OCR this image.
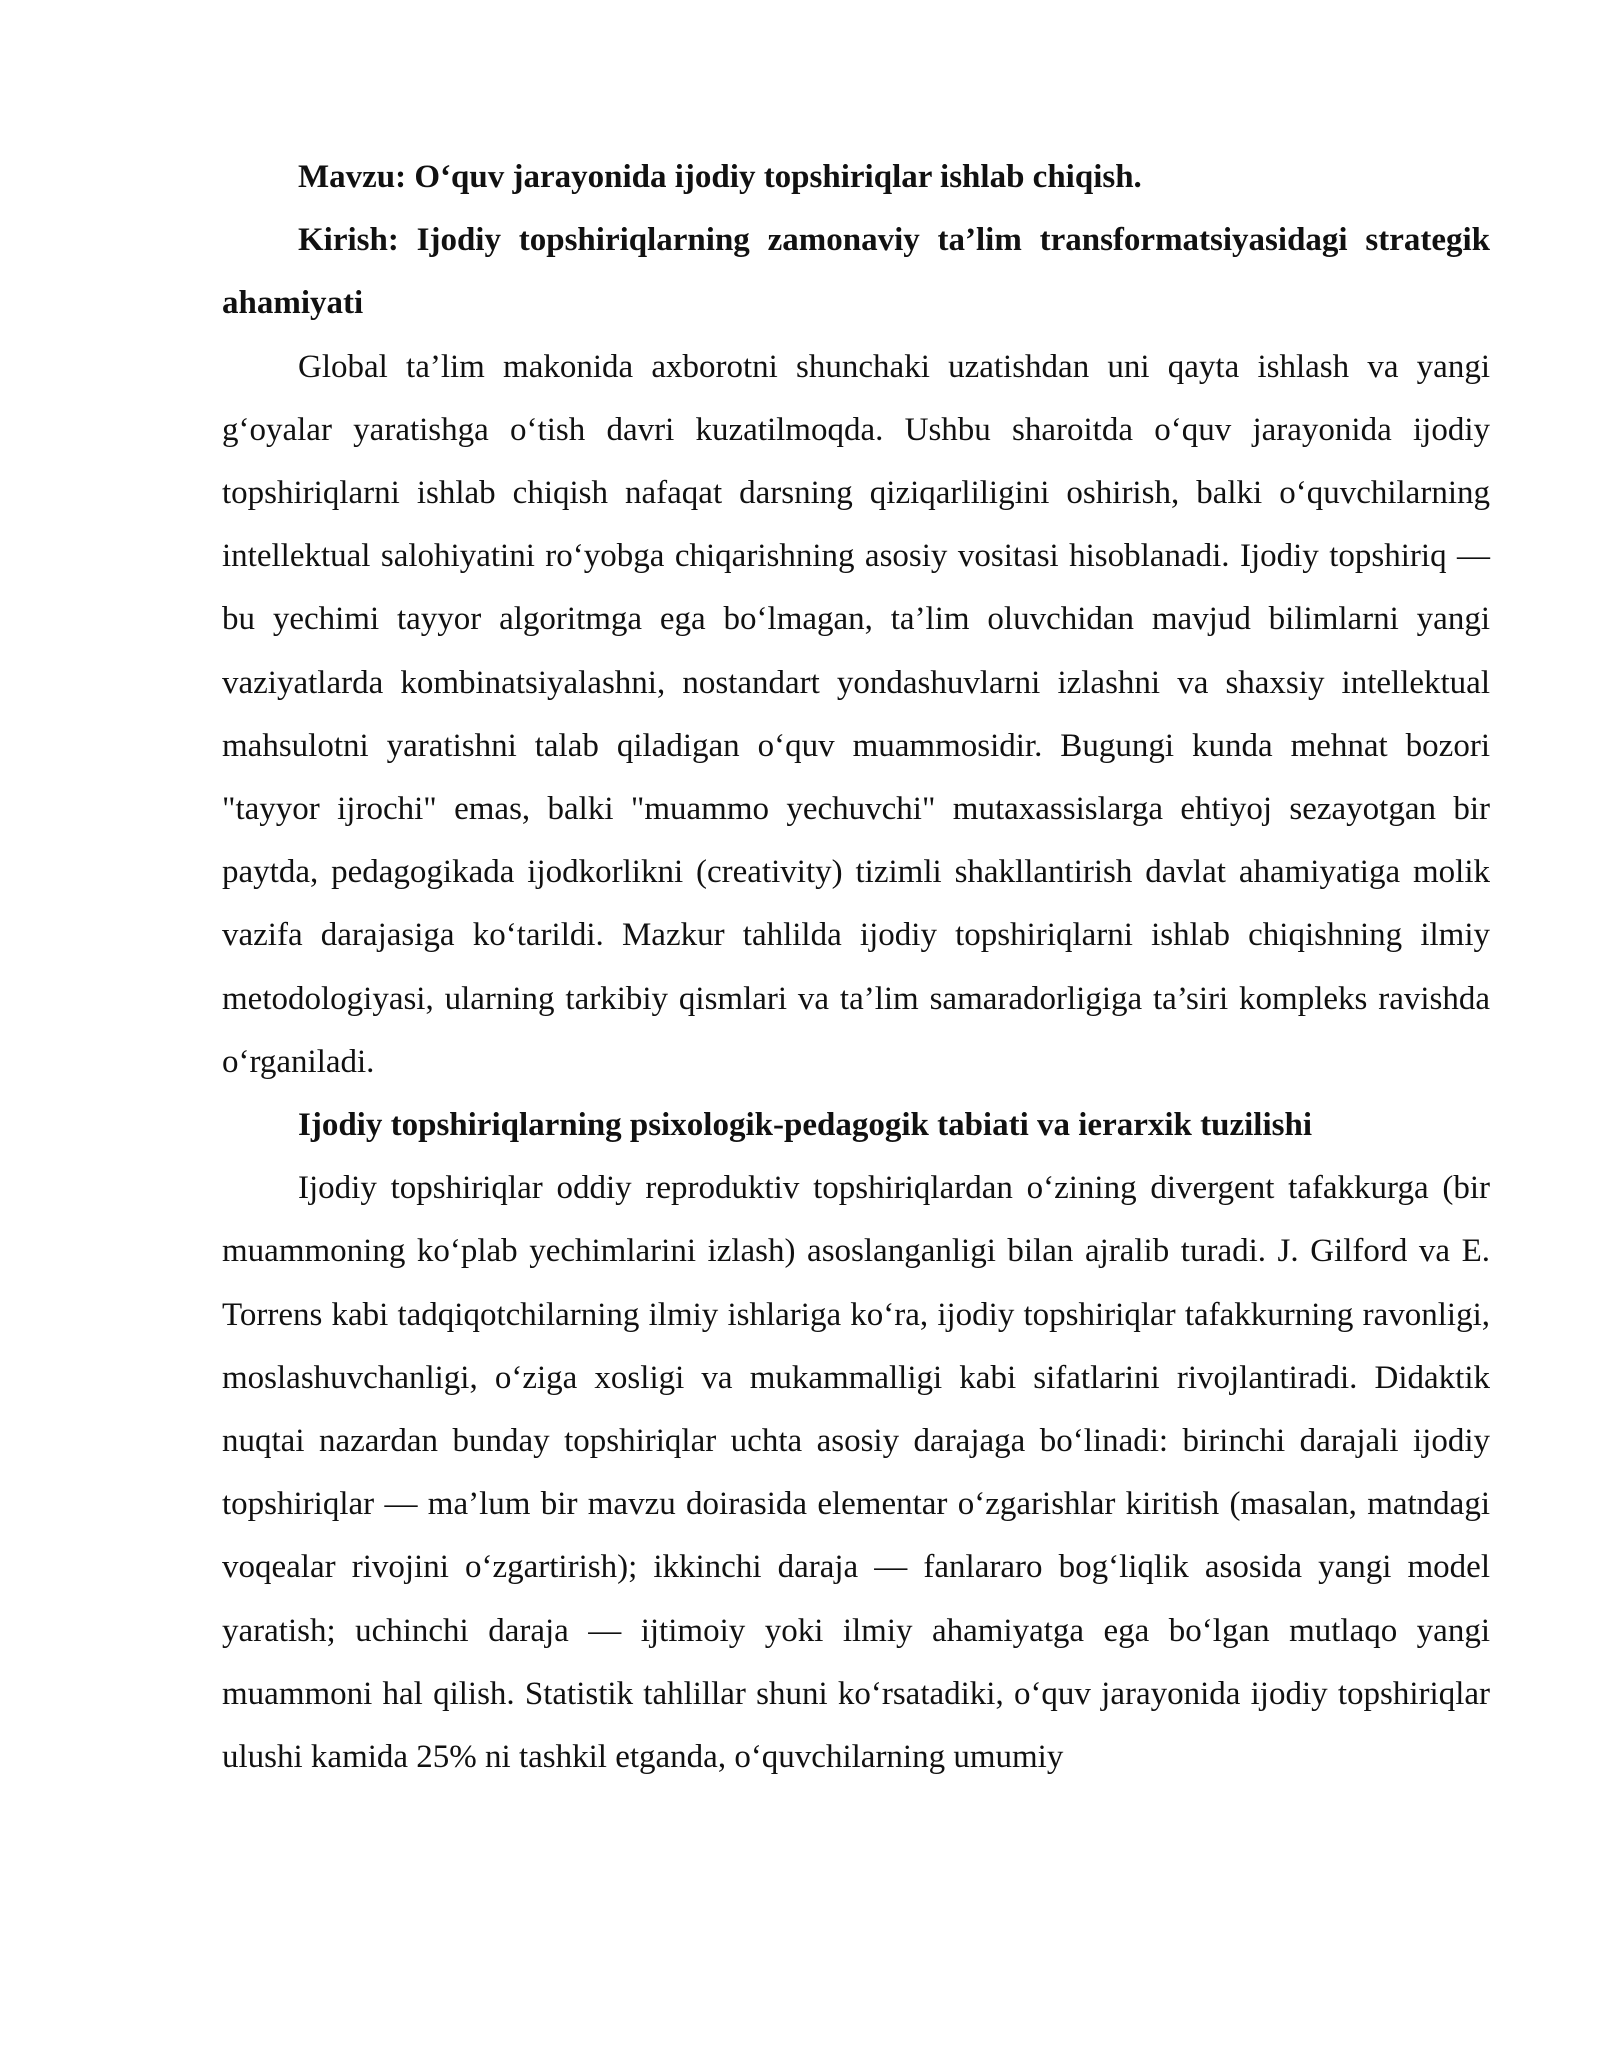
Mavzu: O‘quv jarayonida ijodiy topshiriqlar ishlab chiqish.

Kirish: Ijodiy topshiriqlarning zamonaviy ta’lim transformatsiyasidagi strategik ahamiyati

Global ta’lim makonida axborotni shunchaki uzatishdan uni qayta ishlash va yangi g‘oyalar yaratishga o‘tish davri kuzatilmoqda. Ushbu sharoitda o‘quv jarayonida ijodiy topshiriqlarni ishlab chiqish nafaqat darsning qiziqarliligini oshirish, balki o‘quvchilarning intellektual salohiyatini ro‘yobga chiqarishning asosiy vositasi hisoblanadi. Ijodiy topshiriq — bu yechimi tayyor algoritmga ega bo‘lmagan, ta’lim oluvchidan mavjud bilimlarni yangi vaziyatlarda kombinatsiyalashni, nostandart yondashuvlarni izlashni va shaxsiy intellektual mahsulotni yaratishni talab qiladigan o‘quv muammosidir. Bugungi kunda mehnat bozori "tayyor ijrochi" emas, balki "muammo yechuvchi" mutaxassislarga ehtiyoj sezayotgan bir paytda, pedagogikada ijodkorlikni (creativity) tizimli shakllantirish davlat ahamiyatiga molik vazifa darajasiga ko‘tarildi. Mazkur tahlilda ijodiy topshiriqlarni ishlab chiqishning ilmiy metodologiyasi, ularning tarkibiy qismlari va ta’lim samaradorligiga ta’siri kompleks ravishda o‘rganiladi.

Ijodiy topshiriqlarning psixologik-pedagogik tabiati va ierarxik tuzilishi

Ijodiy topshiriqlar oddiy reproduktiv topshiriqlardan o‘zining divergent tafakkurga (bir muammoning ko‘plab yechimlarini izlash) asoslanganligi bilan ajralib turadi. J. Gilford va E. Torrens kabi tadqiqotchilarning ilmiy ishlariga ko‘ra, ijodiy topshiriqlar tafakkurning ravonligi, moslashuvchanligi, o‘ziga xosligi va mukammalligi kabi sifatlarini rivojlantiradi. Didaktik nuqtai nazardan bunday topshiriqlar uchta asosiy darajaga bo‘linadi: birinchi darajali ijodiy topshiriqlar — ma’lum bir mavzu doirasida elementar o‘zgarishlar kiritish (masalan, matndagi voqealar rivojini o‘zgartirish); ikkinchi daraja — fanlararo bog‘liqlik asosida yangi model yaratish; uchinchi daraja — ijtimoiy yoki ilmiy ahamiyatga ega bo‘lgan mutlaqo yangi muammoni hal qilish. Statistik tahlillar shuni ko‘rsatadiki, o‘quv jarayonida ijodiy topshiriqlar ulushi kamida 25% ni tashkil etganda, o‘quvchilarning umumiy
